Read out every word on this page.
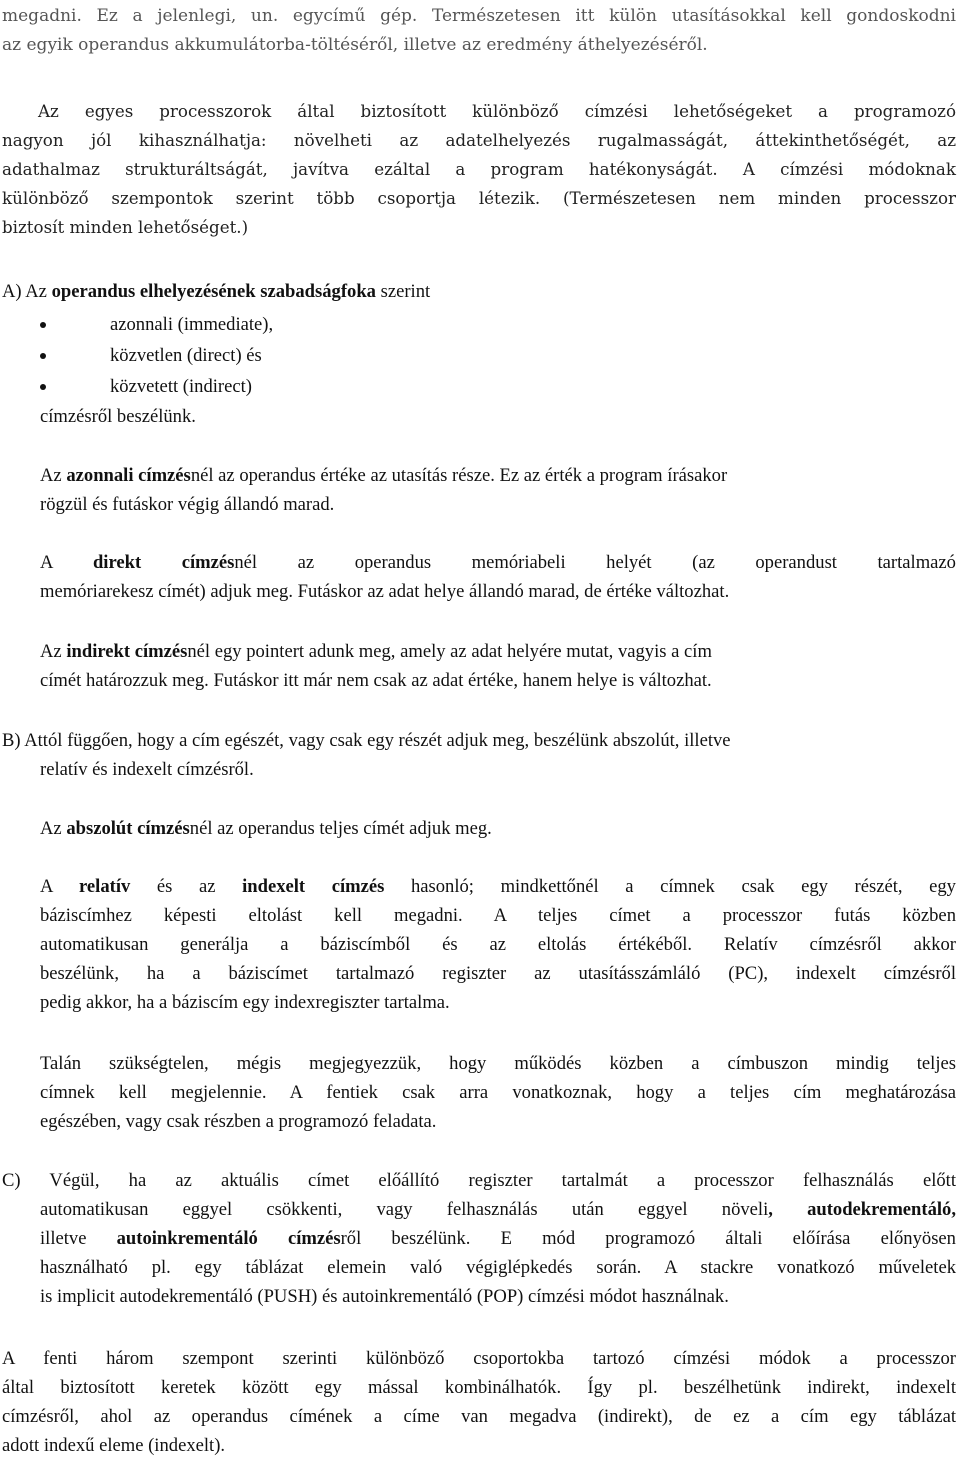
megadni. Ez a jelenlegi, un. egycímű gép. Természetesen itt külön utasításokkal kell gondoskodni
az egyik operandus akkumulátorba-töltéséről, illetve az eredmény áthelyezéséről.
Az egyes processzorok által biztosított különböző címzési lehetőségeket a programozó
nagyon jól kihasználhatja: növelheti az adatelhelyezés rugalmasságát, áttekinthetőségét, az
adathalmaz strukturáltságát, javítva ezáltal a program hatékonyságát. A címzési módoknak
különböző szempontok szerint több csoportja létezik. (Természetesen nem minden processzor
biztosít minden lehetőséget.)
A) Az operandus elhelyezésének szabadságfoka szerint
azonnali (immediate),
közvetlen (direct) és
közvetett (indirect)
címzésről beszélünk.
Az azonnali címzésnél az operandus értéke az utasítás része. Ez az érték a program írásakor
rögzül és futáskor végig állandó marad.
A direkt címzésnél az operandus memóriabeli helyét (az operandust tartalmazó
memóriarekesz címét) adjuk meg. Futáskor az adat helye állandó marad, de értéke változhat.
Az indirekt címzésnél egy pointert adunk meg, amely az adat helyére mutat, vagyis a cím
címét határozzuk meg. Futáskor itt már nem csak az adat értéke, hanem helye is változhat.
B) Attól függően, hogy a cím egészét, vagy csak egy részét adjuk meg, beszélünk abszolút, illetve
relatív és indexelt címzésről.
Az abszolút címzésnél az operandus teljes címét adjuk meg.
A relatív és az indexelt címzés hasonló; mindkettőnél a címnek csak egy részét, egy
báziscímhez képesti eltolást kell megadni. A teljes címet a processzor futás közben
automatikusan generálja a báziscímből és az eltolás értékéből. Relatív címzésről akkor
beszélünk, ha a báziscímet tartalmazó regiszter az utasításszámláló (PC), indexelt címzésről
pedig akkor, ha a báziscím egy indexregiszter tartalma.
Talán szükségtelen, mégis megjegyezzük, hogy működés közben a címbuszon mindig teljes
címnek kell megjelennie. A fentiek csak arra vonatkoznak, hogy a teljes cím meghatározása
egészében, vagy csak részben a programozó feladata.
C) Végül, ha az aktuális címet előállító regiszter tartalmát a processzor felhasználás előtt
automatikusan eggyel csökkenti, vagy felhasználás után eggyel növeli, autodekrementáló,
illetve autoinkrementáló címzésről beszélünk. E mód programozó általi előírása előnyösen
használható pl. egy táblázat elemein való végiglépkedés során. A stackre vonatkozó műveletek
is implicit autodekrementáló (PUSH) és autoinkrementáló (POP) címzési módot használnak.
A fenti három szempont szerinti különböző csoportokba tartozó címzési módok a processzor
által biztosított keretek között egy mással kombinálhatók. Így pl. beszélhetünk indirekt, indexelt
címzésről, ahol az operandus címének a címe van megadva (indirekt), de ez a cím egy táblázat
adott indexű eleme (indexelt).
